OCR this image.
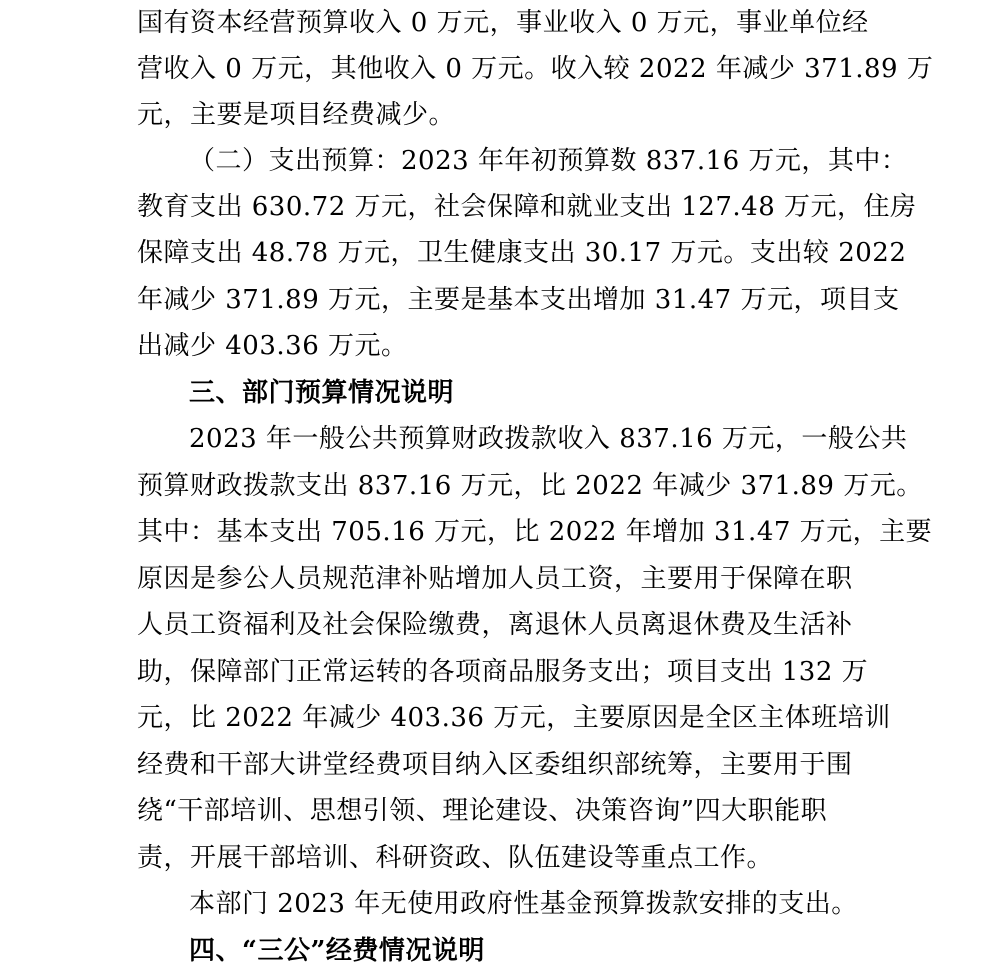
国有资本经营预算收入 0 万元，事业收入 0 万元，事业单位经
营收入 0 万元，其他收入 0 万元。收入较 2022 年减少 371.89 万
元，主要是项目经费减少。
（二）支出预算：2023 年年初预算数 837.16 万元，其中：
教育支出 630.72 万元，社会保障和就业支出 127.48 万元，住房
保障支出 48.78 万元，卫生健康支出 30.17 万元。支出较 2022
年减少 371.89 万元，主要是基本支出增加 31.47 万元，项目支
出减少 403.36 万元。
三、部门预算情况说明
2023 年一般公共预算财政拨款收入 837.16 万元，一般公共
预算财政拨款支出 837.16 万元，比 2022 年减少 371.89 万元。
其中：基本支出 705.16 万元，比 2022 年增加 31.47 万元，主要
原因是参公人员规范津补贴增加人员工资，主要用于保障在职
人员工资福利及社会保险缴费，离退休人员离退休费及生活补
助，保障部门正常运转的各项商品服务支出；项目支出 132 万
元，比 2022 年减少 403.36 万元，主要原因是全区主体班培训
经费和干部大讲堂经费项目纳入区委组织部统筹，主要用于围
绕“干部培训、思想引领、理论建设、决策咨询”四大职能职
责，开展干部培训、科研资政、队伍建设等重点工作。
本部门 2023 年无使用政府性基金预算拨款安排的支出。
四、“三公”经费情况说明
